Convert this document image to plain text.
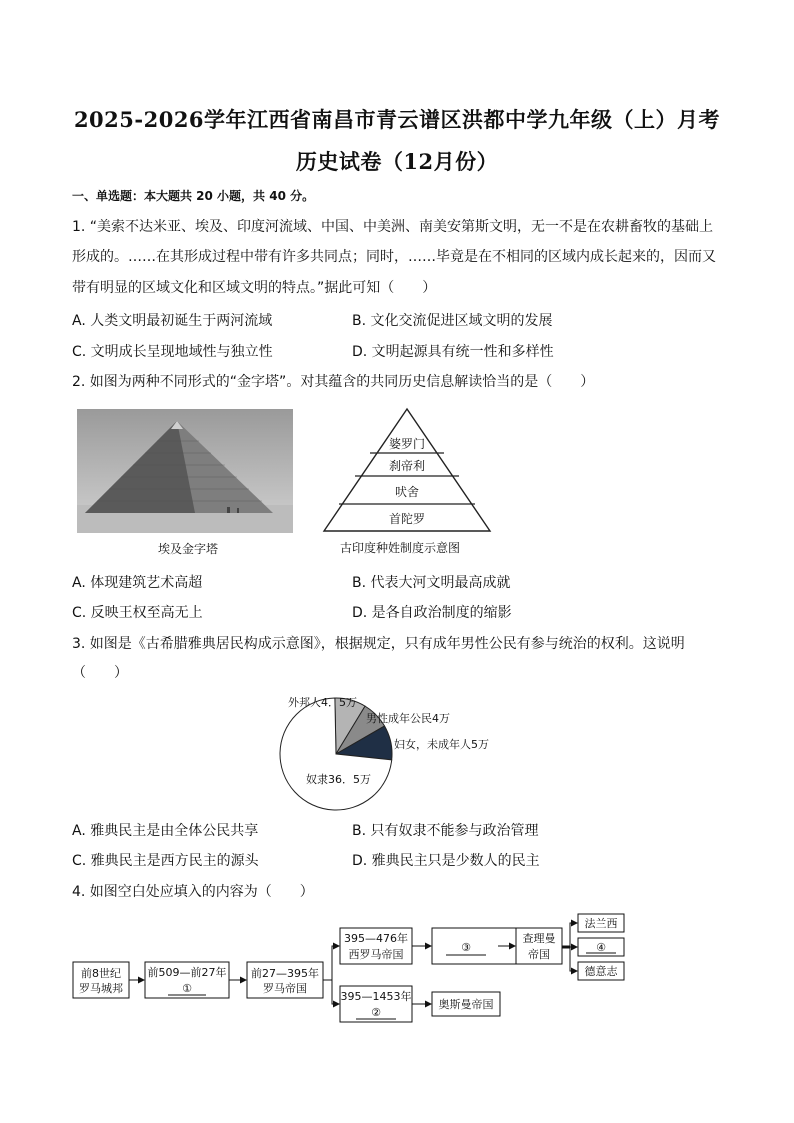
2025-2026学年江西省南昌市青云谱区洪都中学九年级（上）月考
历史试卷（12月份）
一、单选题：本大题共 20 小题，共 40 分。
1. “美索不达米亚、埃及、印度河流域、中国、中美洲、南美安第斯文明，无一不是在农耕畜牧的基础上
形成的。……在其形成过程中带有许多共同点；同时，……毕竟是在不相同的区域内成长起来的，因而又
带有明显的区域文化和区域文明的特点。”据此可知（　　）
A. 人类文明最初诞生于两河流域	B. 文化交流促进区域文明的发展
C. 文明成长呈现地域性与独立性	D. 文明起源具有统一性和多样性
2. 如图为两种不同形式的“金字塔”。对其蕴含的共同历史信息解读恰当的是（　　）
埃及金字塔
婆罗门
刹帝利
吠舍
首陀罗
古印度种姓制度示意图
A. 体现建筑艺术高超	B. 代表大河文明最高成就
C. 反映王权至高无上	D. 是各自政治制度的缩影
3. 如图是《古希腊雅典居民构成示意图》，根据规定，只有成年男性公民有参与统治的权利。这说明
（　　）
外邦人4．5万
男性成年公民4万
妇女，未成年人5万
奴隶36．5万
A. 雅典民主是由全体公民共享	B. 只有奴隶不能参与政治管理
C. 雅典民主是西方民主的源头	D. 雅典民主只是少数人的民主
4. 如图空白处应填入的内容为（　　）
前8世纪
罗马城邦
前509—前27年
①
前27—395年
罗马帝国
395—476年
西罗马帝国
③
查理曼
帝国
法兰西
④
德意志
395—1453年
②
奥斯曼帝国
